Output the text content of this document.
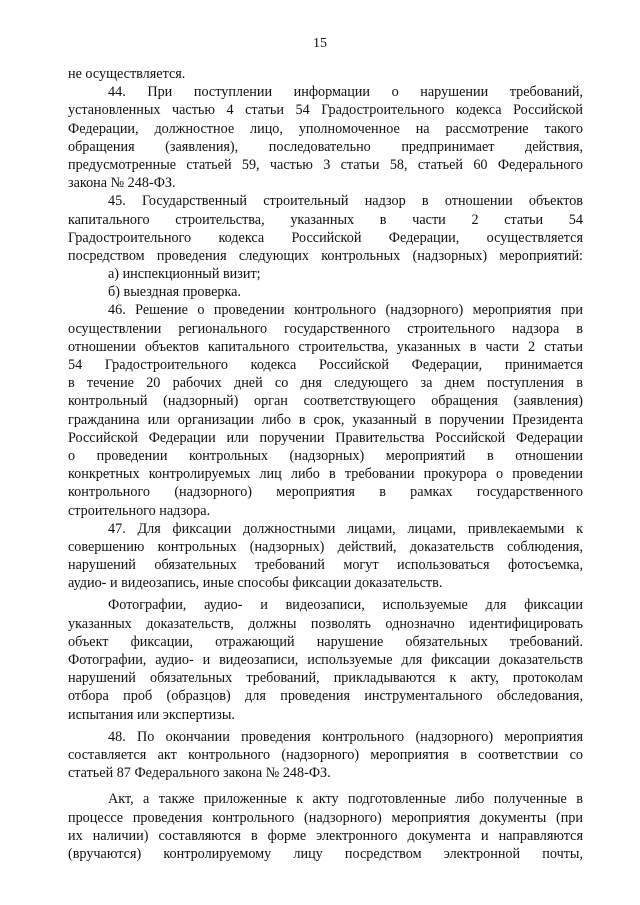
15
не осуществляется.
44. При поступлении информации о нарушении требований,
установленных частью 4 статьи 54 Градостроительного кодекса Российской
Федерации, должностное лицо, уполномоченное на рассмотрение такого
обращения (заявления), последовательно предпринимает действия,
предусмотренные статьей 59, частью 3 статьи 58, статьей 60 Федерального
закона № 248-ФЗ.
45. Государственный строительный надзор в отношении объектов
капитального строительства, указанных в части 2 статьи 54
Градостроительного кодекса Российской Федерации, осуществляется
посредством проведения следующих контрольных (надзорных) мероприятий:
а) инспекционный визит;
б) выездная проверка.
46. Решение о проведении контрольного (надзорного) мероприятия при
осуществлении регионального государственного строительного надзора в
отношении объектов капитального строительства, указанных в части 2 статьи
54 Градостроительного кодекса Российской Федерации, принимается
в течение 20 рабочих дней со дня следующего за днем поступления в
контрольный (надзорный) орган соответствующего обращения (заявления)
гражданина или организации либо в срок, указанный в поручении Президента
Российской Федерации или поручении Правительства Российской Федерации
о проведении контрольных (надзорных) мероприятий в отношении
конкретных контролируемых лиц либо в требовании прокурора о проведении
контрольного (надзорного) мероприятия в рамках государственного
строительного надзора.
47. Для фиксации должностными лицами, лицами, привлекаемыми к
совершению контрольных (надзорных) действий, доказательств соблюдения,
нарушений обязательных требований могут использоваться фотосъемка,
аудио- и видеозапись, иные способы фиксации доказательств.
Фотографии, аудио- и видеозаписи, используемые для фиксации
указанных доказательств, должны позволять однозначно идентифицировать
объект фиксации, отражающий нарушение обязательных требований.
Фотографии, аудио- и видеозаписи, используемые для фиксации доказательств
нарушений обязательных требований, прикладываются к акту, протоколам
отбора проб (образцов) для проведения инструментального обследования,
испытания или экспертизы.
48. По окончании проведения контрольного (надзорного) мероприятия
составляется акт контрольного (надзорного) мероприятия в соответствии со
статьей 87 Федерального закона № 248-ФЗ.
Акт, а также приложенные к акту подготовленные либо полученные в
процессе проведения контрольного (надзорного) мероприятия документы (при
их наличии) составляются в форме электронного документа и направляются
(вручаются) контролируемому лицу посредством электронной почты,
